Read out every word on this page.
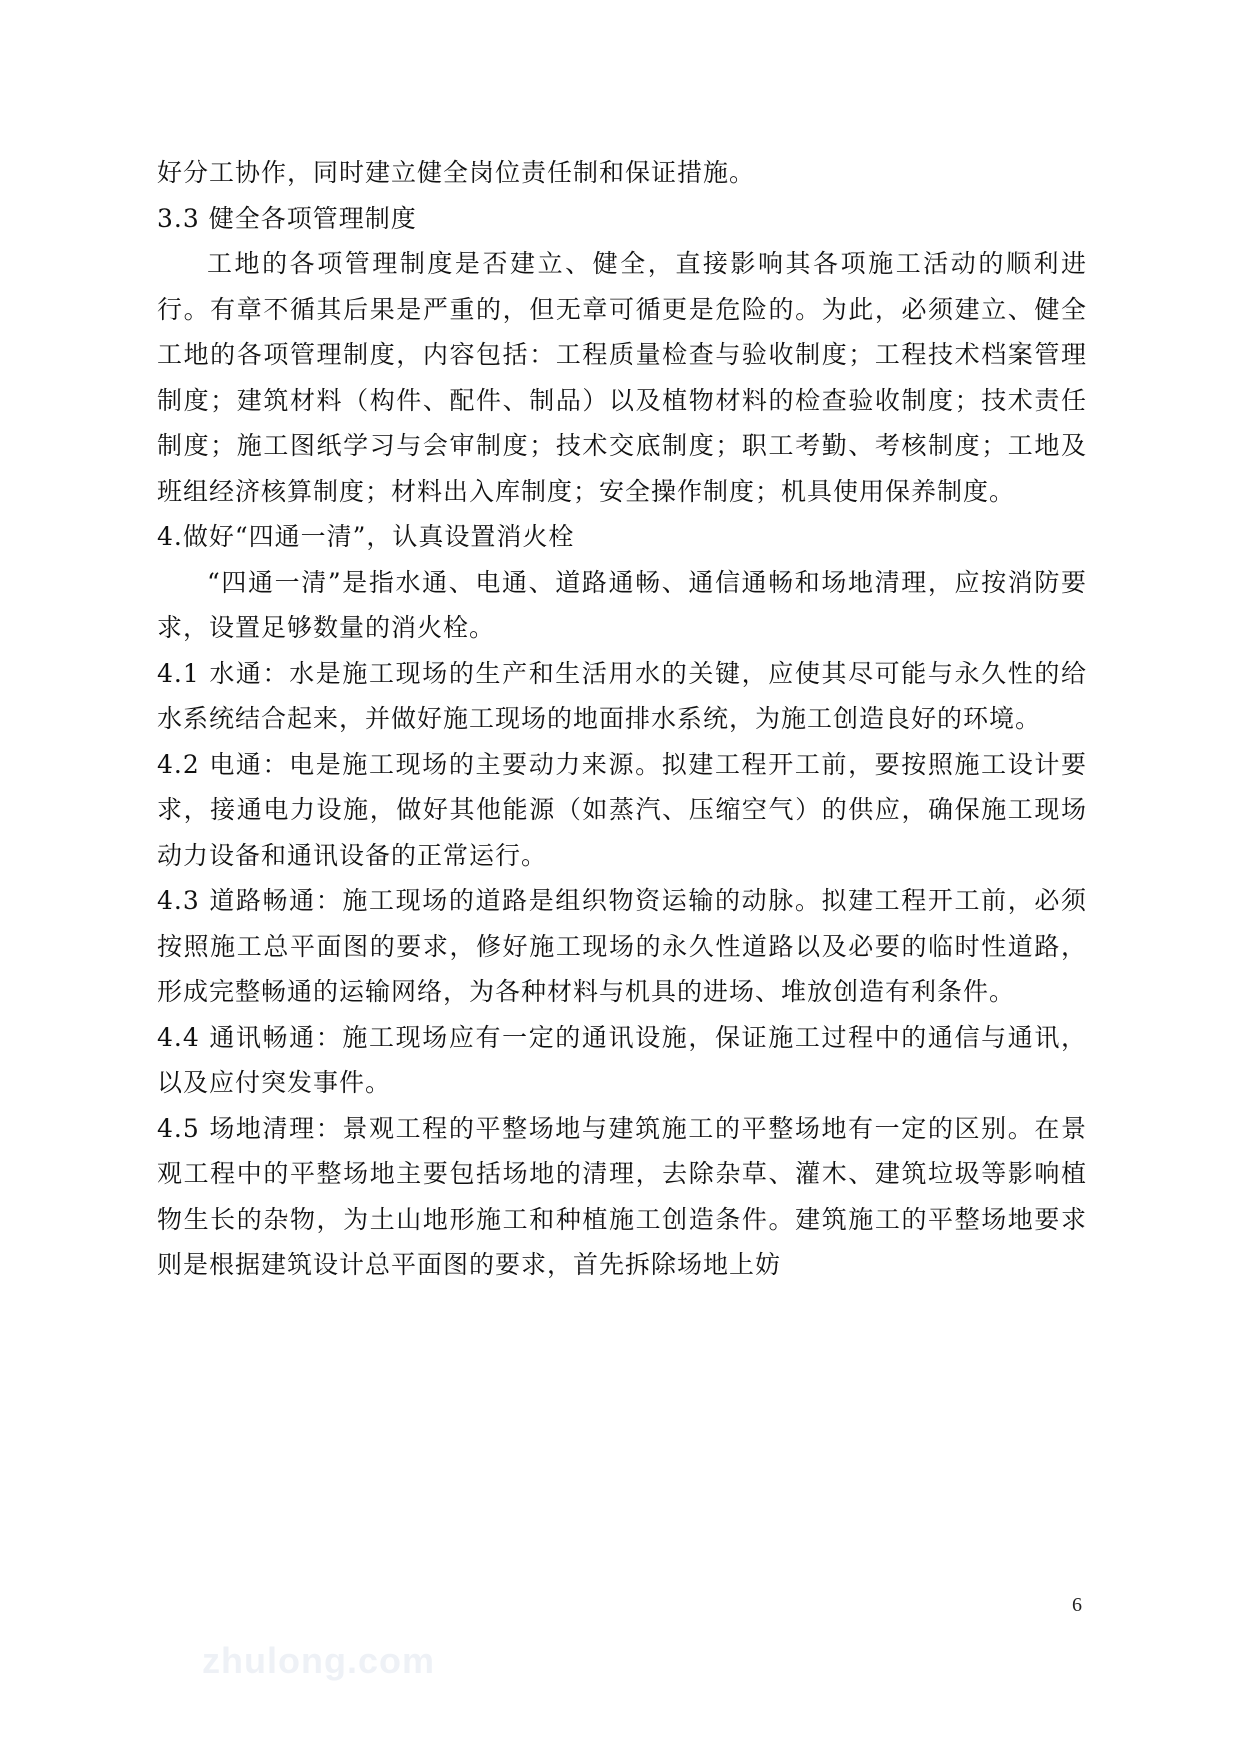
好分工协作，同时建立健全岗位责任制和保证措施。

3.3 健全各项管理制度

工地的各项管理制度是否建立、健全，直接影响其各项施工活动的顺利进行。有章不循其后果是严重的，但无章可循更是危险的。为此，必须建立、健全工地的各项管理制度，内容包括：工程质量检查与验收制度；工程技术档案管理制度；建筑材料（构件、配件、制品）以及植物材料的检查验收制度；技术责任制度；施工图纸学习与会审制度；技术交底制度；职工考勤、考核制度；工地及班组经济核算制度；材料出入库制度；安全操作制度；机具使用保养制度。

4.做好“四通一清”，认真设置消火栓

“四通一清”是指水通、电通、道路通畅、通信通畅和场地清理，应按消防要求，设置足够数量的消火栓。

4.1 水通：水是施工现场的生产和生活用水的关键，应使其尽可能与永久性的给水系统结合起来，并做好施工现场的地面排水系统，为施工创造良好的环境。

4.2 电通：电是施工现场的主要动力来源。拟建工程开工前，要按照施工设计要求，接通电力设施，做好其他能源（如蒸汽、压缩空气）的供应，确保施工现场动力设备和通讯设备的正常运行。

4.3 道路畅通：施工现场的道路是组织物资运输的动脉。拟建工程开工前，必须按照施工总平面图的要求，修好施工现场的永久性道路以及必要的临时性道路，形成完整畅通的运输网络，为各种材料与机具的进场、堆放创造有利条件。

4.4 通讯畅通：施工现场应有一定的通讯设施，保证施工过程中的通信与通讯，以及应付突发事件。

4.5 场地清理：景观工程的平整场地与建筑施工的平整场地有一定的区别。在景观工程中的平整场地主要包括场地的清理，去除杂草、灌木、建筑垃圾等影响植物生长的杂物，为土山地形施工和种植施工创造条件。建筑施工的平整场地要求则是根据建筑设计总平面图的要求，首先拆除场地上妨

6
zhulong.com
